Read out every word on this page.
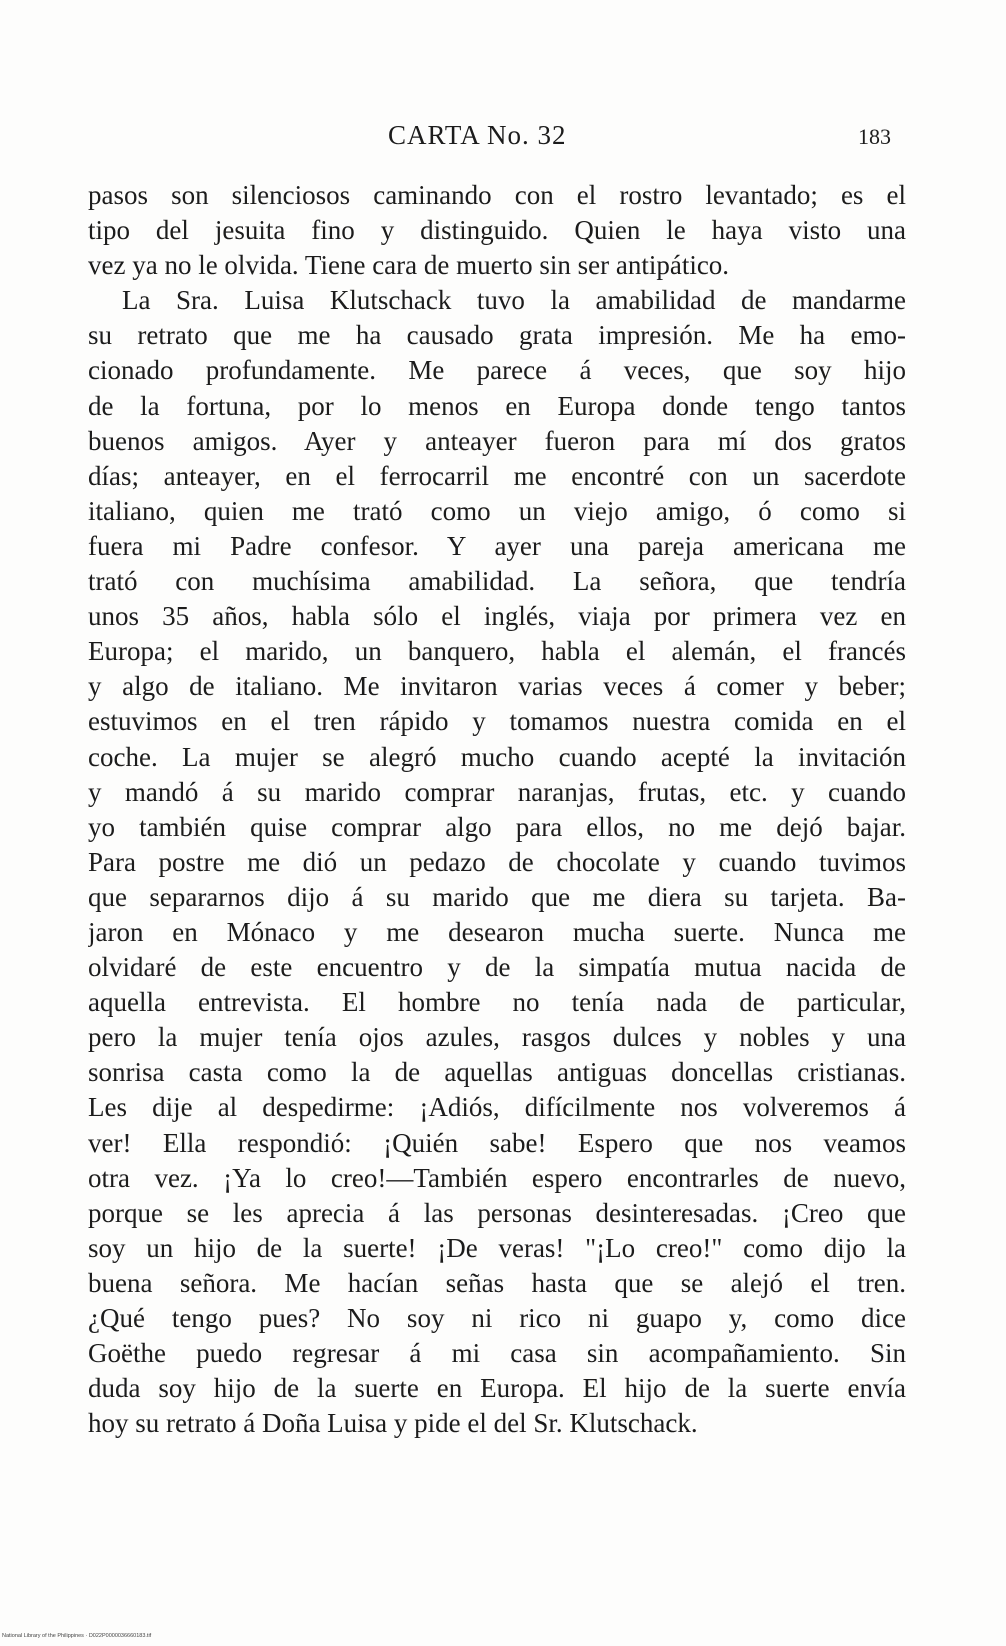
CARTA No. 32	183
pasos son silenciosos caminando con el rostro levantado; es el
tipo del jesuita fino y distinguido. Quien le haya visto una
vez ya no le olvida. Tiene cara de muerto sin ser antipático.
La Sra. Luisa Klutschack tuvo la amabilidad de mandarme
su retrato que me ha causado grata impresión. Me ha emo-
cionado profundamente. Me parece á veces, que soy hijo
de la fortuna, por lo menos en Europa donde tengo tantos
buenos amigos. Ayer y anteayer fueron para mí dos gratos
días; anteayer, en el ferrocarril me encontré con un sacerdote
italiano, quien me trató como un viejo amigo, ó como si
fuera mi Padre confesor. Y ayer una pareja americana me
trató con muchísima amabilidad. La señora, que tendría
unos 35 años, habla sólo el inglés, viaja por primera vez en
Europa; el marido, un banquero, habla el alemán, el francés
y algo de italiano. Me invitaron varias veces á comer y beber;
estuvimos en el tren rápido y tomamos nuestra comida en el
coche. La mujer se alegró mucho cuando acepté la invitación
y mandó á su marido comprar naranjas, frutas, etc. y cuando
yo también quise comprar algo para ellos, no me dejó bajar.
Para postre me dió un pedazo de chocolate y cuando tuvimos
que separarnos dijo á su marido que me diera su tarjeta. Ba-
jaron en Mónaco y me desearon mucha suerte. Nunca me
olvidaré de este encuentro y de la simpatía mutua nacida de
aquella entrevista. El hombre no tenía nada de particular,
pero la mujer tenía ojos azules, rasgos dulces y nobles y una
sonrisa casta como la de aquellas antiguas doncellas cristianas.
Les dije al despedirme: ¡Adiós, difícilmente nos volveremos á
ver! Ella respondió: ¡Quién sabe! Espero que nos veamos
otra vez. ¡Ya lo creo!—También espero encontrarles de nuevo,
porque se les aprecia á las personas desinteresadas. ¡Creo que
soy un hijo de la suerte! ¡De veras! "¡Lo creo!" como dijo la
buena señora. Me hacían señas hasta que se alejó el tren.
¿Qué tengo pues? No soy ni rico ni guapo y, como dice
Goëthe puedo regresar á mi casa sin acompañamiento. Sin
duda soy hijo de la suerte en Europa. El hijo de la suerte envía
hoy su retrato á Doña Luisa y pide el del Sr. Klutschack.
National Library of the Philippines · D022P0000036660183.tif
